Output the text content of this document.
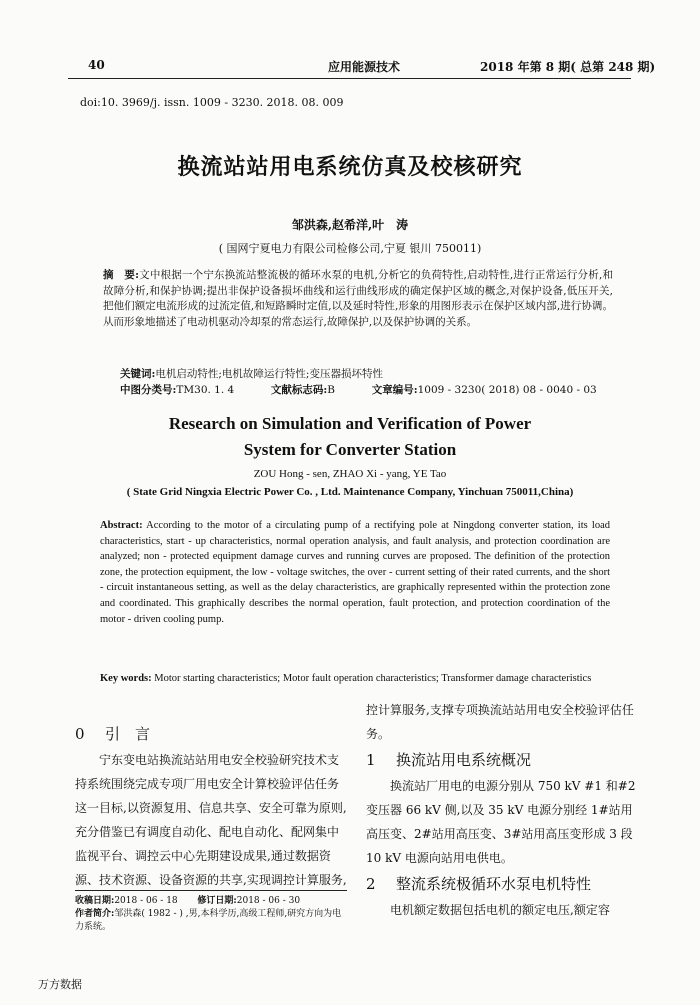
40	应用能源技术	2018 年第 8 期( 总第 248 期)
doi:10. 3969/j. issn. 1009 - 3230. 2018. 08. 009
换流站站用电系统仿真及校核研究
邹洪森,赵希洋,叶　涛
( 国网宁夏电力有限公司检修公司,宁夏 银川 750011)
摘　要:文中根据一个宁东换流站整流极的循环水泵的电机,分析它的负荷特性,启动特性,进行正常运行分析,和故障分析,和保护协调;提出非保护设备损坏曲线和运行曲线形成的确定保护区域的概念,对保护设备,低压开关,把他们额定电流形成的过流定值,和短路瞬时定值,以及延时特性,形象的用图形表示在保护区域内部,进行协调。从而形象地描述了电动机驱动冷却泵的常态运行,故障保护,以及保护协调的关系。
关键词:电机启动特性;电机故障运行特性;变压器损坏特性
中图分类号:TM30. 1. 4	文献标志码:B	文章编号:1009 - 3230( 2018) 08 - 0040 - 03
Research on Simulation and Verification of Power
System for Converter Station
ZOU Hong - sen, ZHAO Xi - yang, YE Tao
( State Grid Ningxia Electric Power Co. , Ltd. Maintenance Company, Yinchuan 750011,China)
Abstract: According to the motor of a circulating pump of a rectifying pole at Ningdong converter station, its load characteristics, start - up characteristics, normal operation analysis, and fault analysis, and protection coordination are analyzed; non - protected equipment damage curves and running curves are proposed. The definition of the protection zone, the protection equipment, the low - voltage switches, the over - current setting of their rated currents, and the short - circuit instantaneous setting, as well as the delay characteristics, are graphically represented within the protection zone and coordinated. This graphically describes the normal operation, fault protection, and protection coordination of the motor - driven cooling pump.
Key words: Motor starting characteristics; Motor fault operation characteristics; Transformer damage characteristics
0 引　言
宁东变电站换流站站用电安全校验研究技术支持系统围绕完成专项厂用电安全计算校验评估任务这一目标,以资源复用、信息共享、安全可靠为原则,充分借鉴已有调度自动化、配电自动化、配网集中监视平台、调控云中心先期建设成果,通过数据资源、技术资源、设备资源的共享,实现调控计算服务,
控计算服务,支撑专项换流站站用电安全校验评估任务。
1 换流站用电系统概况
换流站厂用电的电源分别从 750 kV #1 和#2 变压器 66 kV 侧,以及 35 kV 电源分别经 1#站用高压变、2#站用高压变、3#站用高压变形成 3 段 10 kV 电源向站用电供电。
2 整流系统极循环水泵电机特性
电机额定数据包括电机的额定电压,额定容
收稿日期:2018 - 06 - 18 修订日期:2018 - 06 - 30
作者简介:邹洪森( 1982 - ) ,男,本科学历,高级工程师,研究方向为电力系统。
万方数据
